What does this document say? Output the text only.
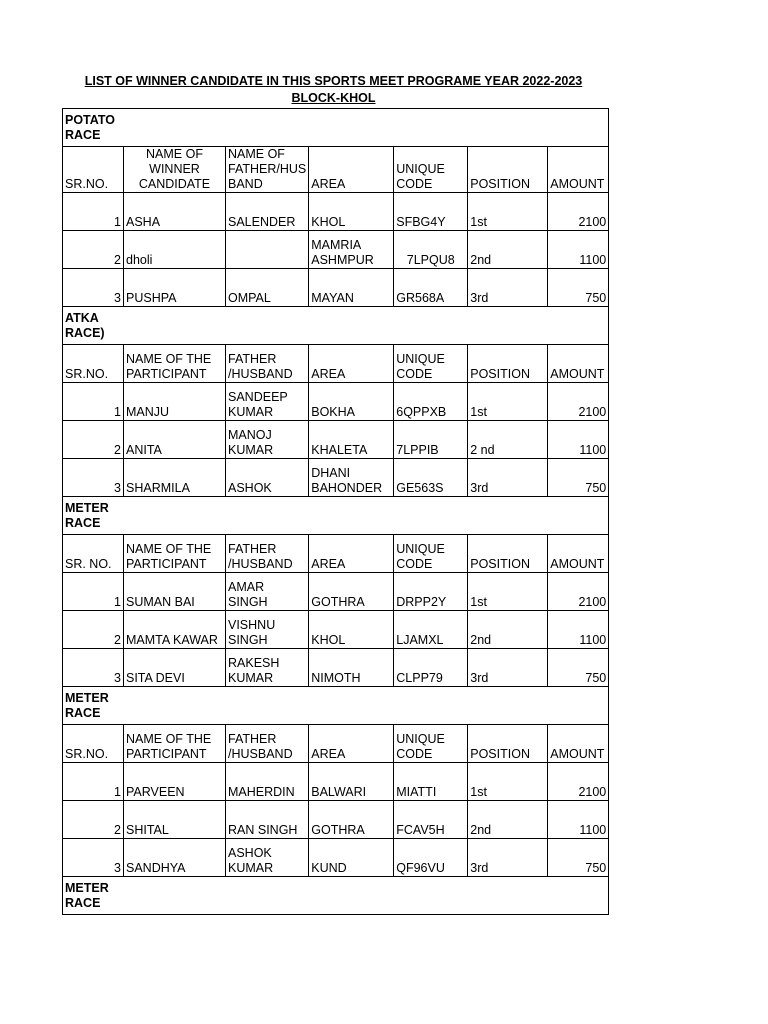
LIST OF WINNER CANDIDATE IN THIS SPORTS MEET PROGRAME YEAR 2022-2023
BLOCK-KHOL
POTATO
RACE						

SR.NO.	NAME OF WINNER CANDIDATE	NAME OF FATHER/HUS BAND	AREA	UNIQUE CODE	POSITION	AMOUNT
1	ASHA	SALENDER	KHOL	SFBG4Y	1st	2100
2	dholi		MAMRIA ASHMPUR	7LPQU8	2nd	1100
3	PUSHPA	OMPAL	MAYAN	GR568A	3rd	750

ATKA
RACE)						

SR.NO.	NAME OF THE PARTICIPANT	FATHER /HUSBAND	AREA	UNIQUE CODE	POSITION	AMOUNT
1	MANJU	SANDEEP KUMAR	BOKHA	6QPPXB	1st	2100
2	ANITA	MANOJ KUMAR	KHALETA	7LPPIB	2 nd	1100
3	SHARMILA	ASHOK	DHANI BAHONDER	GE563S	3rd	750

METER
RACE						

SR. NO.	NAME OF THE PARTICIPANT	FATHER /HUSBAND	AREA	UNIQUE CODE	POSITION	AMOUNT
1	SUMAN BAI	AMAR SINGH	GOTHRA	DRPP2Y	1st	2100
2	MAMTA KAWAR	VISHNU SINGH	KHOL	LJAMXL	2nd	1100
3	SITA DEVI	RAKESH KUMAR	NIMOTH	CLPP79	3rd	750

METER
RACE						

SR.NO.	NAME OF THE PARTICIPANT	FATHER /HUSBAND	AREA	UNIQUE CODE	POSITION	AMOUNT
1	PARVEEN	MAHERDIN	BALWARI	MIATTI	1st	2100
2	SHITAL	RAN SINGH	GOTHRA	FCAV5H	2nd	1100
3	SANDHYA	ASHOK KUMAR	KUND	QF96VU	3rd	750

METER
RACE						
